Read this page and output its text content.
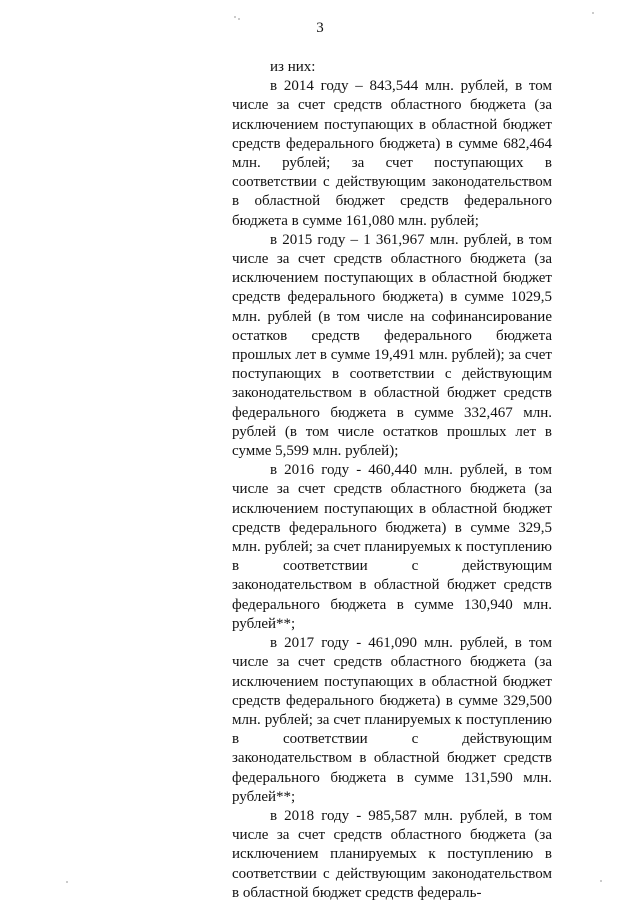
3

из них:

в 2014 году – 843,544 млн. рублей, в том числе за счет средств областного бюджета (за исключением поступающих в областной бюджет средств федерального бюджета) в сумме 682,464 млн. рублей; за счет поступающих в соответствии с действующим законодательством в областной бюджет средств федерального бюджета в сумме 161,080 млн. рублей;

в 2015 году – 1 361,967 млн. рублей, в том числе за счет средств областного бюджета (за исключением поступающих в областной бюджет средств федерального бюджета) в сумме 1029,5 млн. рублей (в том числе на софинансирование остатков средств федерального бюджета прошлых лет в сумме 19,491 млн. рублей); за счет поступающих в соответствии с действующим законодательством в областной бюджет средств федерального бюджета в сумме 332,467 млн. рублей (в том числе остатков прошлых лет в сумме 5,599 млн. рублей);

в 2016 году - 460,440 млн. рублей, в том числе за счет средств областного бюджета (за исключением поступающих в областной бюджет средств федерального бюджета) в сумме 329,5 млн. рублей; за счет планируемых к поступлению в соответствии с действующим законодательством в областной бюджет средств федерального бюджета в сумме 130,940 млн. рублей**;

в 2017 году - 461,090 млн. рублей, в том числе за счет средств областного бюджета (за исключением поступающих в областной бюджет средств федерального бюджета) в сумме 329,500 млн. рублей; за счет планируемых к поступлению в соответствии с действующим законодательством в областной бюджет средств федерального бюджета в сумме 131,590 млн. рублей**;

в 2018 году - 985,587 млн. рублей, в том числе за счет средств областного бюджета (за исключением планируемых к поступлению в соответствии с действующим законодательством в областной бюджет средств федераль-
